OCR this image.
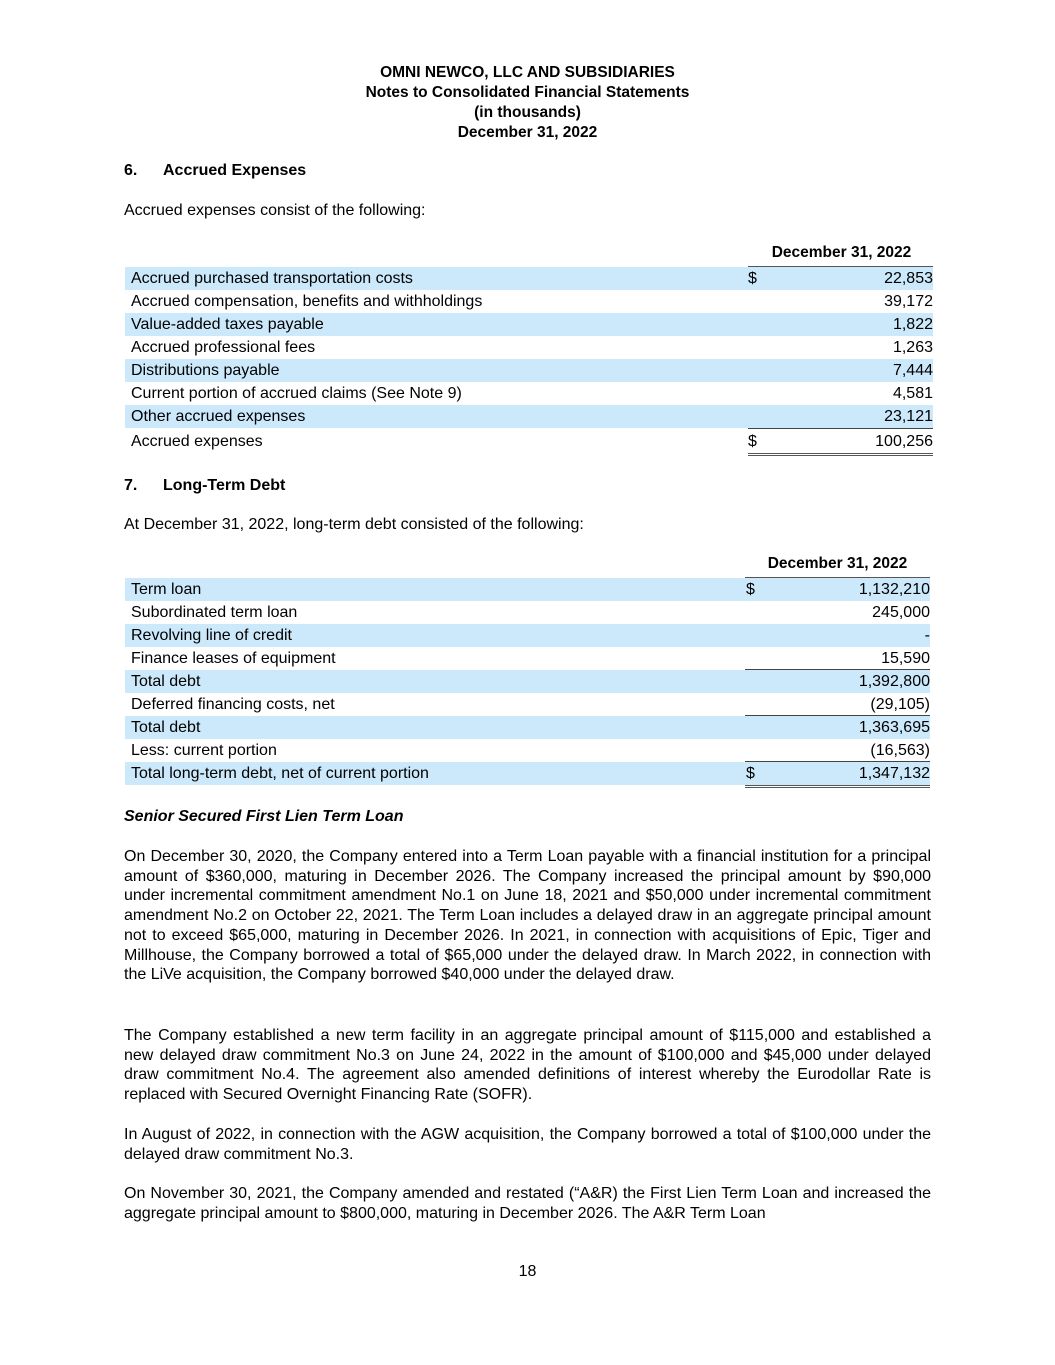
OMNI NEWCO, LLC AND SUBSIDIARIES
Notes to Consolidated Financial Statements
(in thousands)
December 31, 2022
6. Accrued Expenses
Accrued expenses consist of the following:
December 31, 2022
Accrued purchased transportation costs	$	22,853
Accrued compensation, benefits and withholdings	39,172
Value-added taxes payable	1,822
Accrued professional fees	1,263
Distributions payable	7,444
Current portion of accrued claims (See Note 9)	4,581
Other accrued expenses	23,121
Accrued expenses	$	100,256
7. Long-Term Debt
At December 31, 2022, long-term debt consisted of the following:
December 31, 2022
Term loan	$	1,132,210
Subordinated term loan	245,000
Revolving line of credit	-
Finance leases of equipment	15,590
Total debt	1,392,800
Deferred financing costs, net	(29,105)
Total debt	1,363,695
Less: current portion	(16,563)
Total long-term debt, net of current portion	$	1,347,132
Senior Secured First Lien Term Loan
On December 30, 2020, the Company entered into a Term Loan payable with a financial institution for a principal amount of $360,000, maturing in December 2026. The Company increased the principal amount by $90,000 under incremental commitment amendment No.1 on June 18, 2021 and $50,000 under incremental commitment amendment No.2 on October 22, 2021. The Term Loan includes a delayed draw in an aggregate principal amount not to exceed $65,000, maturing in December 2026. In 2021, in connection with acquisitions of Epic, Tiger and Millhouse, the Company borrowed a total of $65,000 under the delayed draw. In March 2022, in connection with the LiVe acquisition, the Company borrowed $40,000 under the delayed draw.
The Company established a new term facility in an aggregate principal amount of $115,000 and established a new delayed draw commitment No.3 on June 24, 2022 in the amount of $100,000 and $45,000 under delayed draw commitment No.4. The agreement also amended definitions of interest whereby the Eurodollar Rate is replaced with Secured Overnight Financing Rate (SOFR).
In August of 2022, in connection with the AGW acquisition, the Company borrowed a total of $100,000 under the delayed draw commitment No.3.
On November 30, 2021, the Company amended and restated (“A&R) the First Lien Term Loan and increased the aggregate principal amount to $800,000, maturing in December 2026. The A&R Term Loan
18
